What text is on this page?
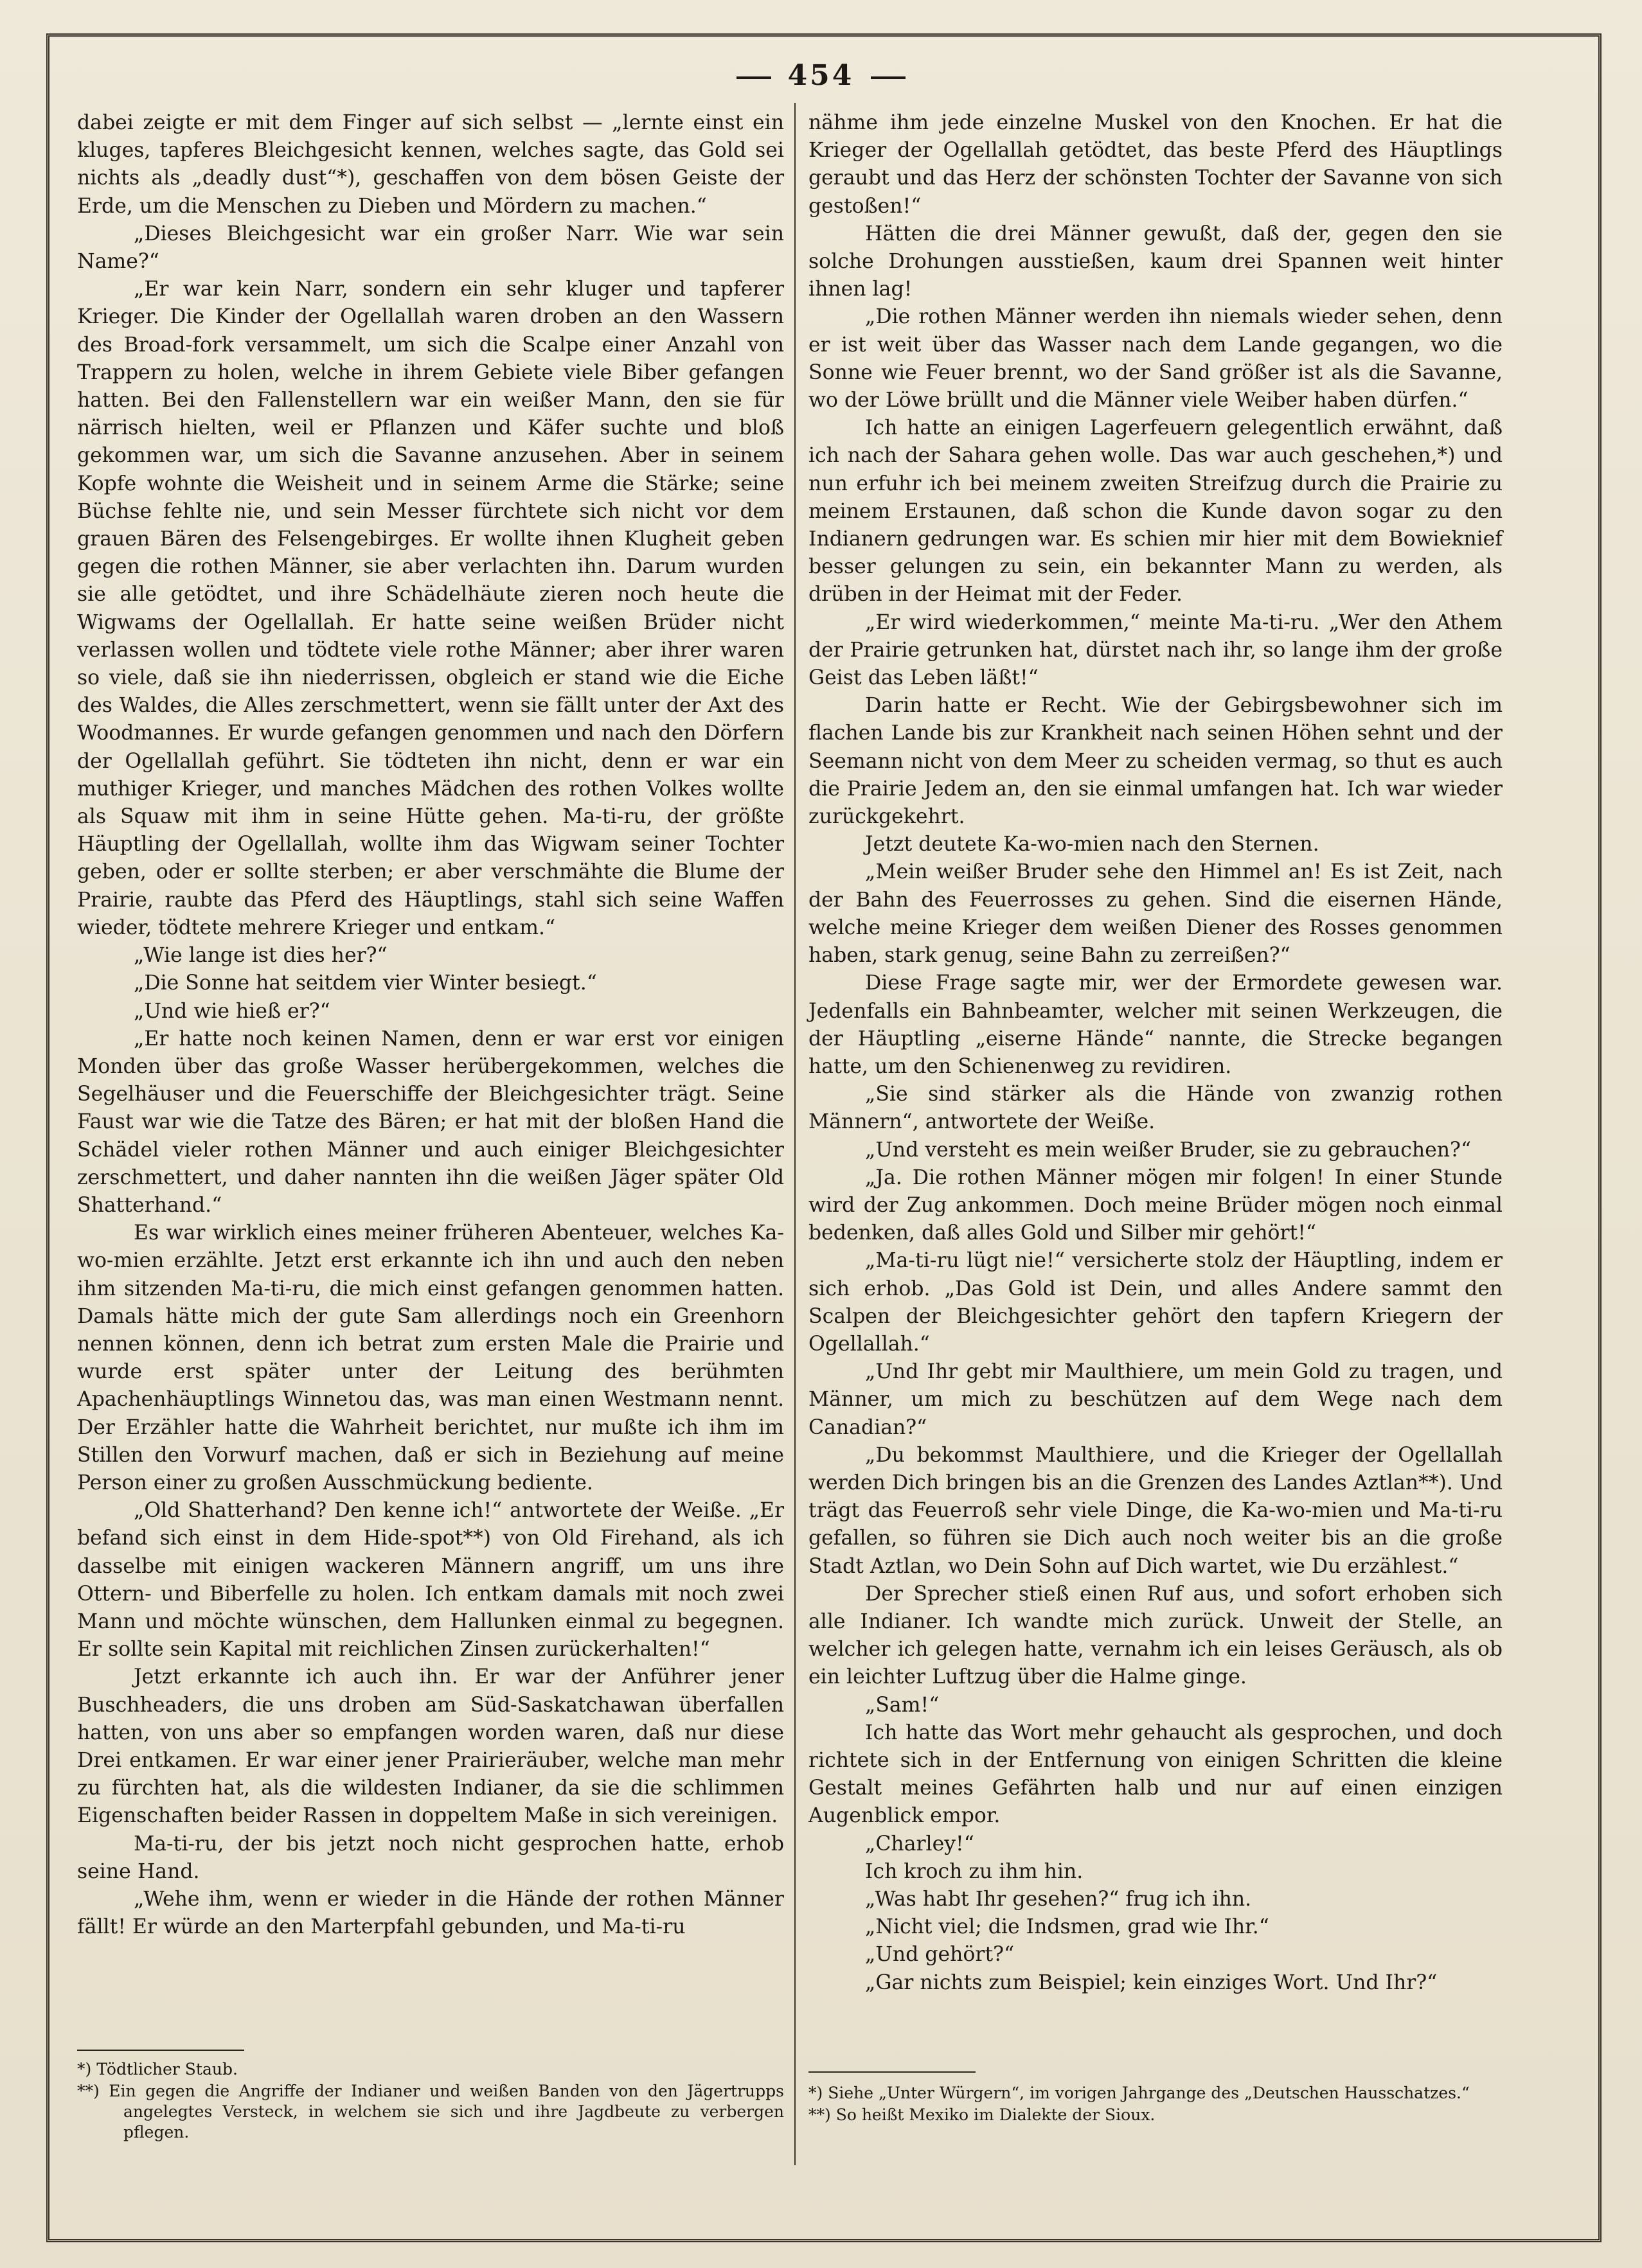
454

dabei zeigte er mit dem Finger auf sich selbst — „lernte einst ein kluges, tapferes Bleichgesicht kennen, welches sagte, das Gold sei nichts als „deadly dust“*), geschaffen von dem bösen Geiste der Erde, um die Menschen zu Dieben und Mördern zu machen.“

„Dieses Bleichgesicht war ein großer Narr. Wie war sein Name?“

„Er war kein Narr, sondern ein sehr kluger und tapferer Krieger. Die Kinder der Ogellallah waren droben an den Wassern des Broad-fork versammelt, um sich die Scalpe einer Anzahl von Trappern zu holen, welche in ihrem Gebiete viele Biber gefangen hatten. Bei den Fallenstellern war ein weißer Mann, den sie für närrisch hielten, weil er Pflanzen und Käfer suchte und bloß gekommen war, um sich die Savanne anzusehen. Aber in seinem Kopfe wohnte die Weisheit und in seinem Arme die Stärke; seine Büchse fehlte nie, und sein Messer fürchtete sich nicht vor dem grauen Bären des Felsengebirges. Er wollte ihnen Klugheit geben gegen die rothen Männer, sie aber verlachten ihn. Darum wurden sie alle getödtet, und ihre Schädelhäute zieren noch heute die Wigwams der Ogellallah. Er hatte seine weißen Brüder nicht verlassen wollen und tödtete viele rothe Männer; aber ihrer waren so viele, daß sie ihn niederrissen, obgleich er stand wie die Eiche des Waldes, die Alles zerschmettert, wenn sie fällt unter der Axt des Woodmannes. Er wurde gefangen genommen und nach den Dörfern der Ogellallah geführt. Sie tödteten ihn nicht, denn er war ein muthiger Krieger, und manches Mädchen des rothen Volkes wollte als Squaw mit ihm in seine Hütte gehen. Ma-ti-ru, der größte Häuptling der Ogellallah, wollte ihm das Wigwam seiner Tochter geben, oder er sollte sterben; er aber verschmähte die Blume der Prairie, raubte das Pferd des Häuptlings, stahl sich seine Waffen wieder, tödtete mehrere Krieger und entkam.“

„Wie lange ist dies her?“

„Die Sonne hat seitdem vier Winter besiegt.“

„Und wie hieß er?“

„Er hatte noch keinen Namen, denn er war erst vor einigen Monden über das große Wasser herübergekommen, welches die Segelhäuser und die Feuerschiffe der Bleichgesichter trägt. Seine Faust war wie die Tatze des Bären; er hat mit der bloßen Hand die Schädel vieler rothen Männer und auch einiger Bleichgesichter zerschmettert, und daher nannten ihn die weißen Jäger später Old Shatterhand.“

Es war wirklich eines meiner früheren Abenteuer, welches Ka-wo-mien erzählte. Jetzt erst erkannte ich ihn und auch den neben ihm sitzenden Ma-ti-ru, die mich einst gefangen genommen hatten. Damals hätte mich der gute Sam allerdings noch ein Greenhorn nennen können, denn ich betrat zum ersten Male die Prairie und wurde erst später unter der Leitung des berühmten Apachenhäuptlings Winnetou das, was man einen Westmann nennt. Der Erzähler hatte die Wahrheit berichtet, nur mußte ich ihm im Stillen den Vorwurf machen, daß er sich in Beziehung auf meine Person einer zu großen Ausschmückung bediente.

„Old Shatterhand? Den kenne ich!“ antwortete der Weiße. „Er befand sich einst in dem Hide-spot**) von Old Firehand, als ich dasselbe mit einigen wackeren Männern angriff, um uns ihre Ottern- und Biberfelle zu holen. Ich entkam damals mit noch zwei Mann und möchte wünschen, dem Hallunken einmal zu begegnen. Er sollte sein Kapital mit reichlichen Zinsen zurückerhalten!“

Jetzt erkannte ich auch ihn. Er war der Anführer jener Buschheaders, die uns droben am Süd-Saskatchawan überfallen hatten, von uns aber so empfangen worden waren, daß nur diese Drei entkamen. Er war einer jener Prairieräuber, welche man mehr zu fürchten hat, als die wildesten Indianer, da sie die schlimmen Eigenschaften beider Rassen in doppeltem Maße in sich vereinigen.

Ma-ti-ru, der bis jetzt noch nicht gesprochen hatte, erhob seine Hand.

„Wehe ihm, wenn er wieder in die Hände der rothen Männer fällt! Er würde an den Marterpfahl gebunden, und Ma-ti-ru

nähme ihm jede einzelne Muskel von den Knochen. Er hat die Krieger der Ogellallah getödtet, das beste Pferd des Häuptlings geraubt und das Herz der schönsten Tochter der Savanne von sich gestoßen!“

Hätten die drei Männer gewußt, daß der, gegen den sie solche Drohungen ausstießen, kaum drei Spannen weit hinter ihnen lag!

„Die rothen Männer werden ihn niemals wieder sehen, denn er ist weit über das Wasser nach dem Lande gegangen, wo die Sonne wie Feuer brennt, wo der Sand größer ist als die Savanne, wo der Löwe brüllt und die Männer viele Weiber haben dürfen.“

Ich hatte an einigen Lagerfeuern gelegentlich erwähnt, daß ich nach der Sahara gehen wolle. Das war auch geschehen,*) und nun erfuhr ich bei meinem zweiten Streifzug durch die Prairie zu meinem Erstaunen, daß schon die Kunde davon sogar zu den Indianern gedrungen war. Es schien mir hier mit dem Bowieknief besser gelungen zu sein, ein bekannter Mann zu werden, als drüben in der Heimat mit der Feder.

„Er wird wiederkommen,“ meinte Ma-ti-ru. „Wer den Athem der Prairie getrunken hat, dürstet nach ihr, so lange ihm der große Geist das Leben läßt!“

Darin hatte er Recht. Wie der Gebirgsbewohner sich im flachen Lande bis zur Krankheit nach seinen Höhen sehnt und der Seemann nicht von dem Meer zu scheiden vermag, so thut es auch die Prairie Jedem an, den sie einmal umfangen hat. Ich war wieder zurückgekehrt.

Jetzt deutete Ka-wo-mien nach den Sternen.

„Mein weißer Bruder sehe den Himmel an! Es ist Zeit, nach der Bahn des Feuerrosses zu gehen. Sind die eisernen Hände, welche meine Krieger dem weißen Diener des Rosses genommen haben, stark genug, seine Bahn zu zerreißen?“

Diese Frage sagte mir, wer der Ermordete gewesen war. Jedenfalls ein Bahnbeamter, welcher mit seinen Werkzeugen, die der Häuptling „eiserne Hände“ nannte, die Strecke begangen hatte, um den Schienenweg zu revidiren.

„Sie sind stärker als die Hände von zwanzig rothen Männern“, antwortete der Weiße.

„Und versteht es mein weißer Bruder, sie zu gebrauchen?“

„Ja. Die rothen Männer mögen mir folgen! In einer Stunde wird der Zug ankommen. Doch meine Brüder mögen noch einmal bedenken, daß alles Gold und Silber mir gehört!“

„Ma-ti-ru lügt nie!“ versicherte stolz der Häuptling, indem er sich erhob. „Das Gold ist Dein, und alles Andere sammt den Scalpen der Bleichgesichter gehört den tapfern Kriegern der Ogellallah.“

„Und Ihr gebt mir Maulthiere, um mein Gold zu tragen, und Männer, um mich zu beschützen auf dem Wege nach dem Canadian?“

„Du bekommst Maulthiere, und die Krieger der Ogellallah werden Dich bringen bis an die Grenzen des Landes Aztlan**). Und trägt das Feuerroß sehr viele Dinge, die Ka-wo-mien und Ma-ti-ru gefallen, so führen sie Dich auch noch weiter bis an die große Stadt Aztlan, wo Dein Sohn auf Dich wartet, wie Du erzählest.“

Der Sprecher stieß einen Ruf aus, und sofort erhoben sich alle Indianer. Ich wandte mich zurück. Unweit der Stelle, an welcher ich gelegen hatte, vernahm ich ein leises Geräusch, als ob ein leichter Luftzug über die Halme ginge.

„Sam!“

Ich hatte das Wort mehr gehaucht als gesprochen, und doch richtete sich in der Entfernung von einigen Schritten die kleine Gestalt meines Gefährten halb und nur auf einen einzigen Augenblick empor.

„Charley!“

Ich kroch zu ihm hin.

„Was habt Ihr gesehen?“ frug ich ihn.

„Nicht viel; die Indsmen, grad wie Ihr.“

„Und gehört?“

„Gar nichts zum Beispiel; kein einziges Wort. Und Ihr?“

*) Tödtlicher Staub.

**) Ein gegen die Angriffe der Indianer und weißen Banden von den Jägertrupps angelegtes Versteck, in welchem sie sich und ihre Jagdbeute zu verbergen pflegen.

*) Siehe „Unter Würgern“, im vorigen Jahrgange des „Deutschen Hausschatzes.“

**) So heißt Mexiko im Dialekte der Sioux.
